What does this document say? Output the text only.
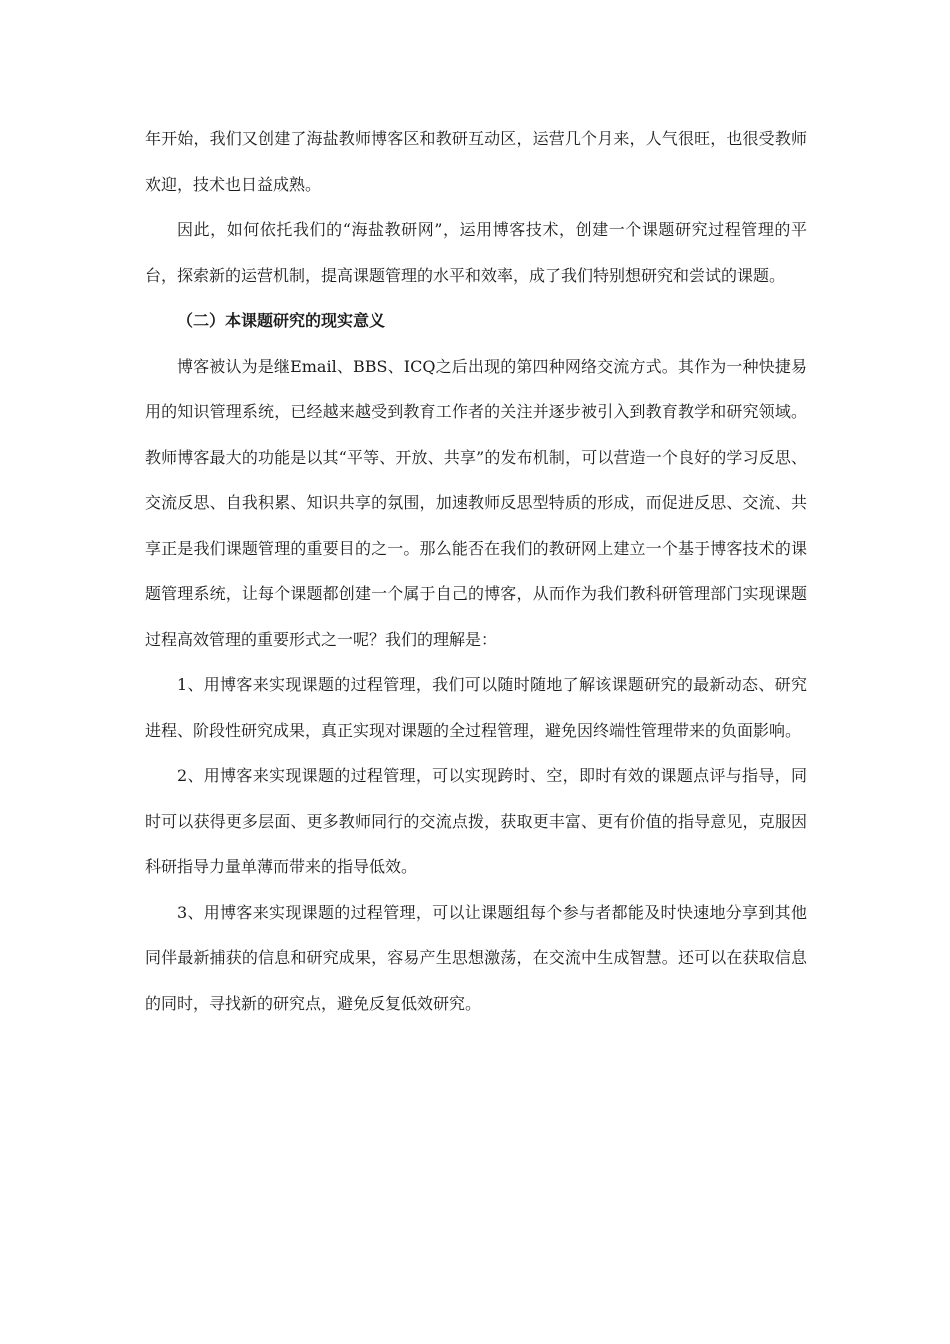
年开始，我们又创建了海盐教师博客区和教研互动区，运营几个月来，人气很旺，也很受教师欢迎，技术也日益成熟。

因此，如何依托我们的“海盐教研网”，运用博客技术，创建一个课题研究过程管理的平台，探索新的运营机制，提高课题管理的水平和效率，成了我们特别想研究和尝试的课题。

（二）本课题研究的现实意义

博客被认为是继Email、BBS、ICQ之后出现的第四种网络交流方式。其作为一种快捷易用的知识管理系统，已经越来越受到教育工作者的关注并逐步被引入到教育教学和研究领域。教师博客最大的功能是以其“平等、开放、共享”的发布机制，可以营造一个良好的学习反思、交流反思、自我积累、知识共享的氛围，加速教师反思型特质的形成，而促进反思、交流、共享正是我们课题管理的重要目的之一。那么能否在我们的教研网上建立一个基于博客技术的课题管理系统，让每个课题都创建一个属于自己的博客，从而作为我们教科研管理部门实现课题过程高效管理的重要形式之一呢？我们的理解是：

1、用博客来实现课题的过程管理，我们可以随时随地了解该课题研究的最新动态、研究进程、阶段性研究成果，真正实现对课题的全过程管理，避免因终端性管理带来的负面影响。

2、用博客来实现课题的过程管理，可以实现跨时、空，即时有效的课题点评与指导，同时可以获得更多层面、更多教师同行的交流点拨，获取更丰富、更有价值的指导意见，克服因科研指导力量单薄而带来的指导低效。

3、用博客来实现课题的过程管理，可以让课题组每个参与者都能及时快速地分享到其他同伴最新捕获的信息和研究成果，容易产生思想激荡，在交流中生成智慧。还可以在获取信息的同时，寻找新的研究点，避免反复低效研究。
